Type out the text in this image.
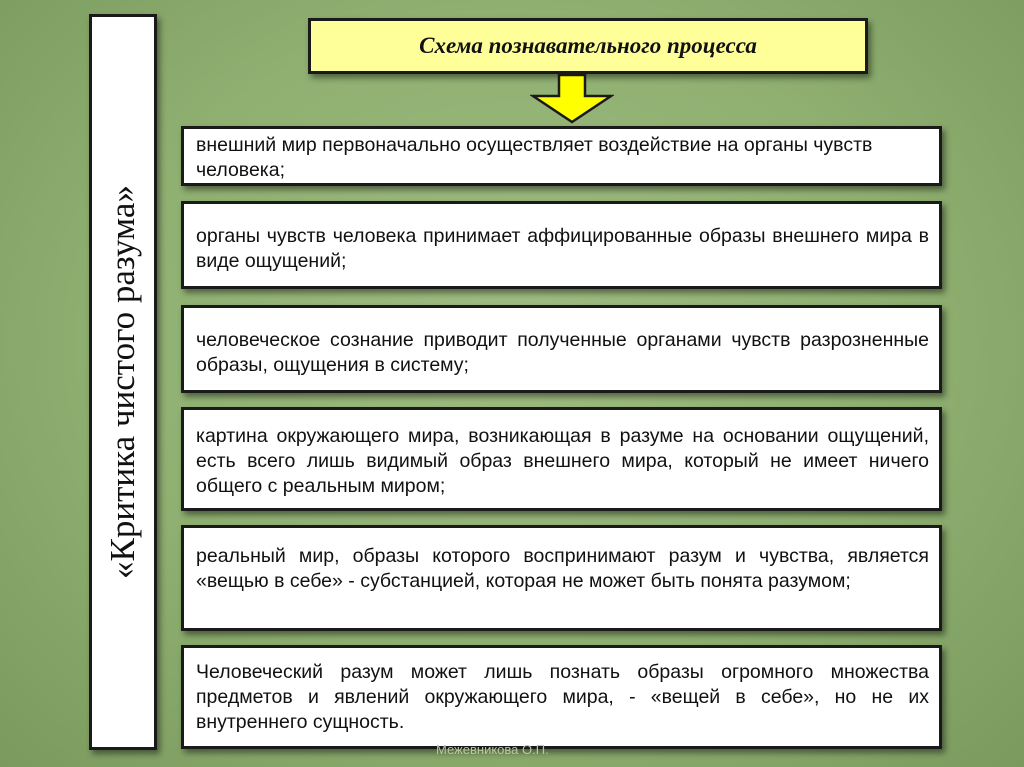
«Критика чистого разума»
Схема познавательного процесса
внешний мир первоначально осуществляет воздействие на органы чувств человека;
органы чувств человека принимает аффицированные образы внешнего мира в виде ощущений;
человеческое сознание приводит полученные органами чувств разрозненные образы, ощущения в систему;
картина окружающего мира, возникающая в разуме на основании ощущений, есть всего лишь видимый образ внешнего мира, который не имеет ничего общего с реальным миром;
реальный мир, образы которого воспринимают разум и чувства, является «вещью в себе» - субстанцией, которая не может быть понята разумом;
Человеческий разум может лишь познать образы огромного множества предметов и явлений окружающего мира, - «вещей в себе», но не их внутреннего сущность.
Межевникова О.П.
